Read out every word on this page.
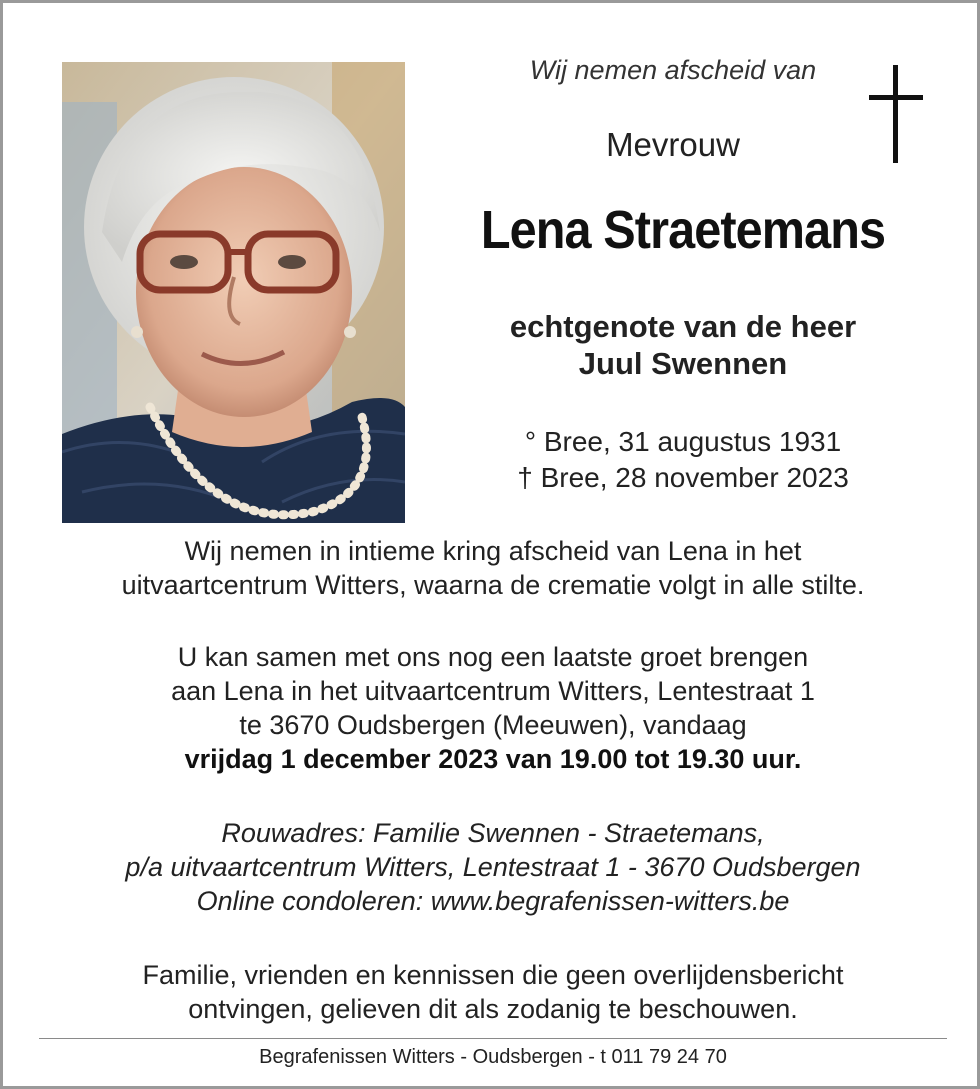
Wij nemen afscheid van
Mevrouw
Lena Straetemans
echtgenote van de heer
Juul Swennen
° Bree, 31 augustus 1931
† Bree, 28 november 2023
Wij nemen in intieme kring afscheid van Lena in het
uitvaartcentrum Witters, waarna de crematie volgt in alle stilte.
U kan samen met ons nog een laatste groet brengen
aan Lena in het uitvaartcentrum Witters, Lentestraat 1
te 3670 Oudsbergen (Meeuwen), vandaag
vrijdag 1 december 2023 van 19.00 tot 19.30 uur.
Rouwadres: Familie Swennen - Straetemans,
p/a uitvaartcentrum Witters, Lentestraat 1 - 3670 Oudsbergen
Online condoleren: www.begrafenissen-witters.be
Familie, vrienden en kennissen die geen overlijdensbericht
ontvingen, gelieven dit als zodanig te beschouwen.
Begrafenissen Witters - Oudsbergen - t 011 79 24 70
